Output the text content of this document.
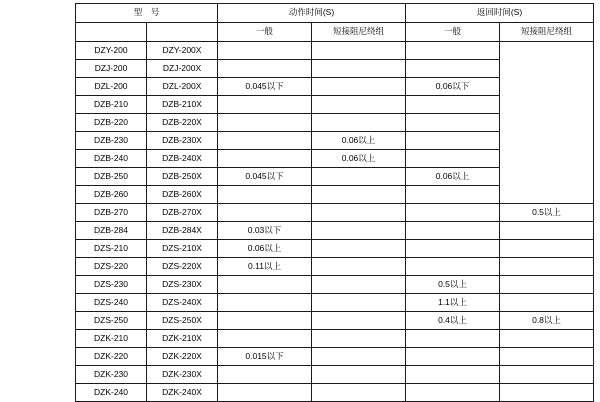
型　号		动作时间(S)		返回时间(S)	
		一般	短接阻尼绕组	一般	短接阻尼绕组
DZY-200	DZY-200X				
DZJ-200	DZJ-200X				
DZL-200	DZL-200X	0.045以下		0.06以下	
DZB-210	DZB-210X				
DZB-220	DZB-220X				
DZB-230	DZB-230X		0.06以上		
DZB-240	DZB-240X		0.06以上		
DZB-250	DZB-250X	0.045以下		0.06以上	
DZB-260	DZB-260X				
DZB-270	DZB-270X				0.5以上
DZB-284	DZB-284X	0.03以下			
DZS-210	DZS-210X	0.06以上			
DZS-220	DZS-220X	0.11以上			
DZS-230	DZS-230X			0.5以上	
DZS-240	DZS-240X			1.1以上	
DZS-250	DZS-250X			0.4以上	0.8以上
DZK-210	DZK-210X				
DZK-220	DZK-220X	0.015以下			
DZK-230	DZK-230X				
DZK-240	DZK-240X				
